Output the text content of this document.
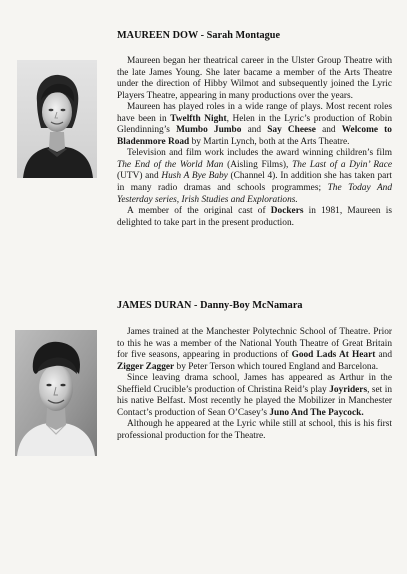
MAUREEN DOW - Sarah Montague

Maureen began her theatrical career in the Ulster Group Theatre with the late James Young. She later bacame a member of the Arts Theatre under the direction of Hibby Wilmot and subsequently joined the Lyric Players Theatre, appearing in many productions over the years.

Maureen has played roles in a wide range of plays. Most recent roles have been in Twelfth Night, Helen in the Lyric’s production of Robin Glendinning’s Mumbo Jumbo and Say Cheese and Welcome to Bladenmore Road by Martin Lynch, both at the Arts Theatre.

Television and film work includes the award winning children’s film The End of the World Man (Aisling Films), The Last of a Dyin’ Race (UTV) and Hush A Bye Baby (Channel 4). In addition she has taken part in many radio dramas and schools programmes; The Today And Yesterday series, Irish Studies and Explorations.

A member of the original cast of Dockers in 1981, Maureen is delighted to take part in the present production.

JAMES DURAN - Danny-Boy McNamara

James trained at the Manchester Polytechnic School of Theatre. Prior to this he was a member of the National Youth Theatre of Great Britain for five seasons, appearing in productions of Good Lads At Heart and Zigger Zagger by Peter Terson which toured England and Barcelona.

Since leaving drama school, James has appeared as Arthur in the Sheffield Crucible’s production of Christina Reid’s play Joyriders, set in his native Belfast. Most recently he played the Mobilizer in Manchester Contact’s production of Sean O’Casey’s Juno And The Paycock.

Although he appeared at the Lyric while still at school, this is his first professional production for the Theatre.
